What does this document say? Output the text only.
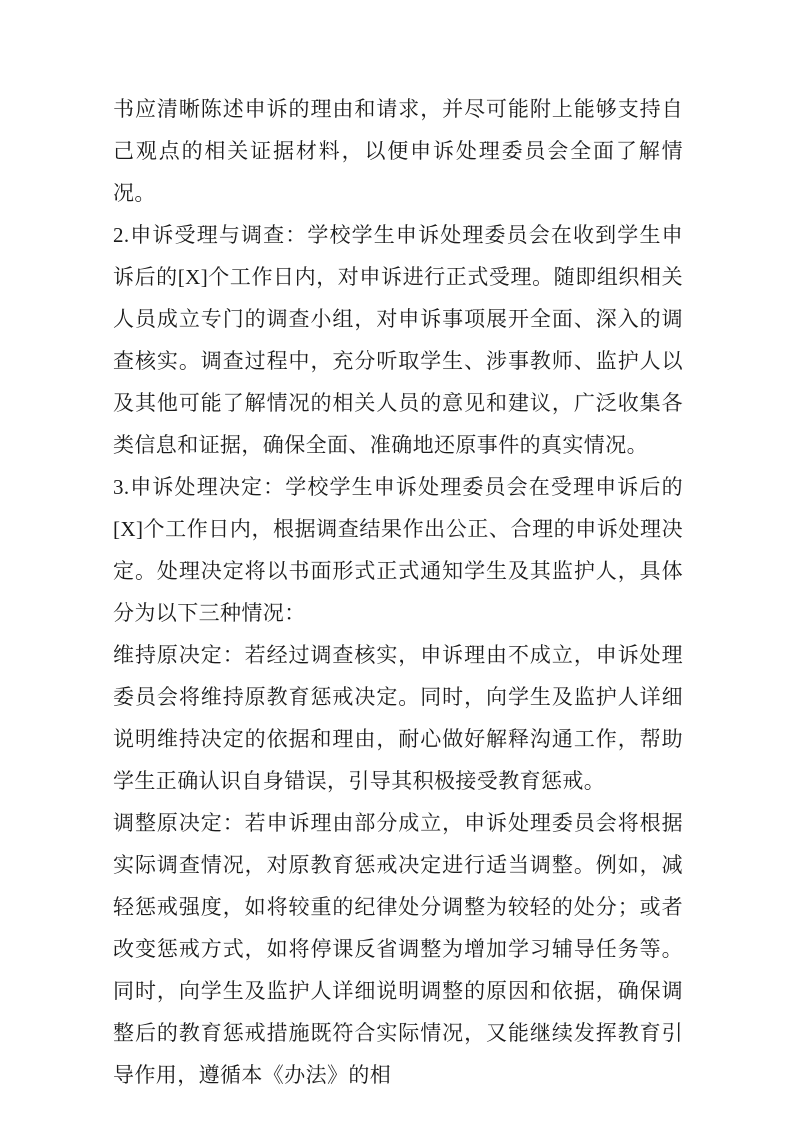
书应清晰陈述申诉的理由和请求，并尽可能附上能够支持自己观点的相关证据材料，以便申诉处理委员会全面了解情况。

2.申诉受理与调查：学校学生申诉处理委员会在收到学生申诉后的[X]个工作日内，对申诉进行正式受理。随即组织相关人员成立专门的调查小组，对申诉事项展开全面、深入的调查核实。调查过程中，充分听取学生、涉事教师、监护人以及其他可能了解情况的相关人员的意见和建议，广泛收集各类信息和证据，确保全面、准确地还原事件的真实情况。

3.申诉处理决定：学校学生申诉处理委员会在受理申诉后的[X]个工作日内，根据调查结果作出公正、合理的申诉处理决定。处理决定将以书面形式正式通知学生及其监护人，具体分为以下三种情况：

维持原决定：若经过调查核实，申诉理由不成立，申诉处理委员会将维持原教育惩戒决定。同时，向学生及监护人详细说明维持决定的依据和理由，耐心做好解释沟通工作，帮助学生正确认识自身错误，引导其积极接受教育惩戒。

调整原决定：若申诉理由部分成立，申诉处理委员会将根据实际调查情况，对原教育惩戒决定进行适当调整。例如，减轻惩戒强度，如将较重的纪律处分调整为较轻的处分；或者改变惩戒方式，如将停课反省调整为增加学习辅导任务等。同时，向学生及监护人详细说明调整的原因和依据，确保调整后的教育惩戒措施既符合实际情况，又能继续发挥教育引导作用，遵循本《办法》的相
